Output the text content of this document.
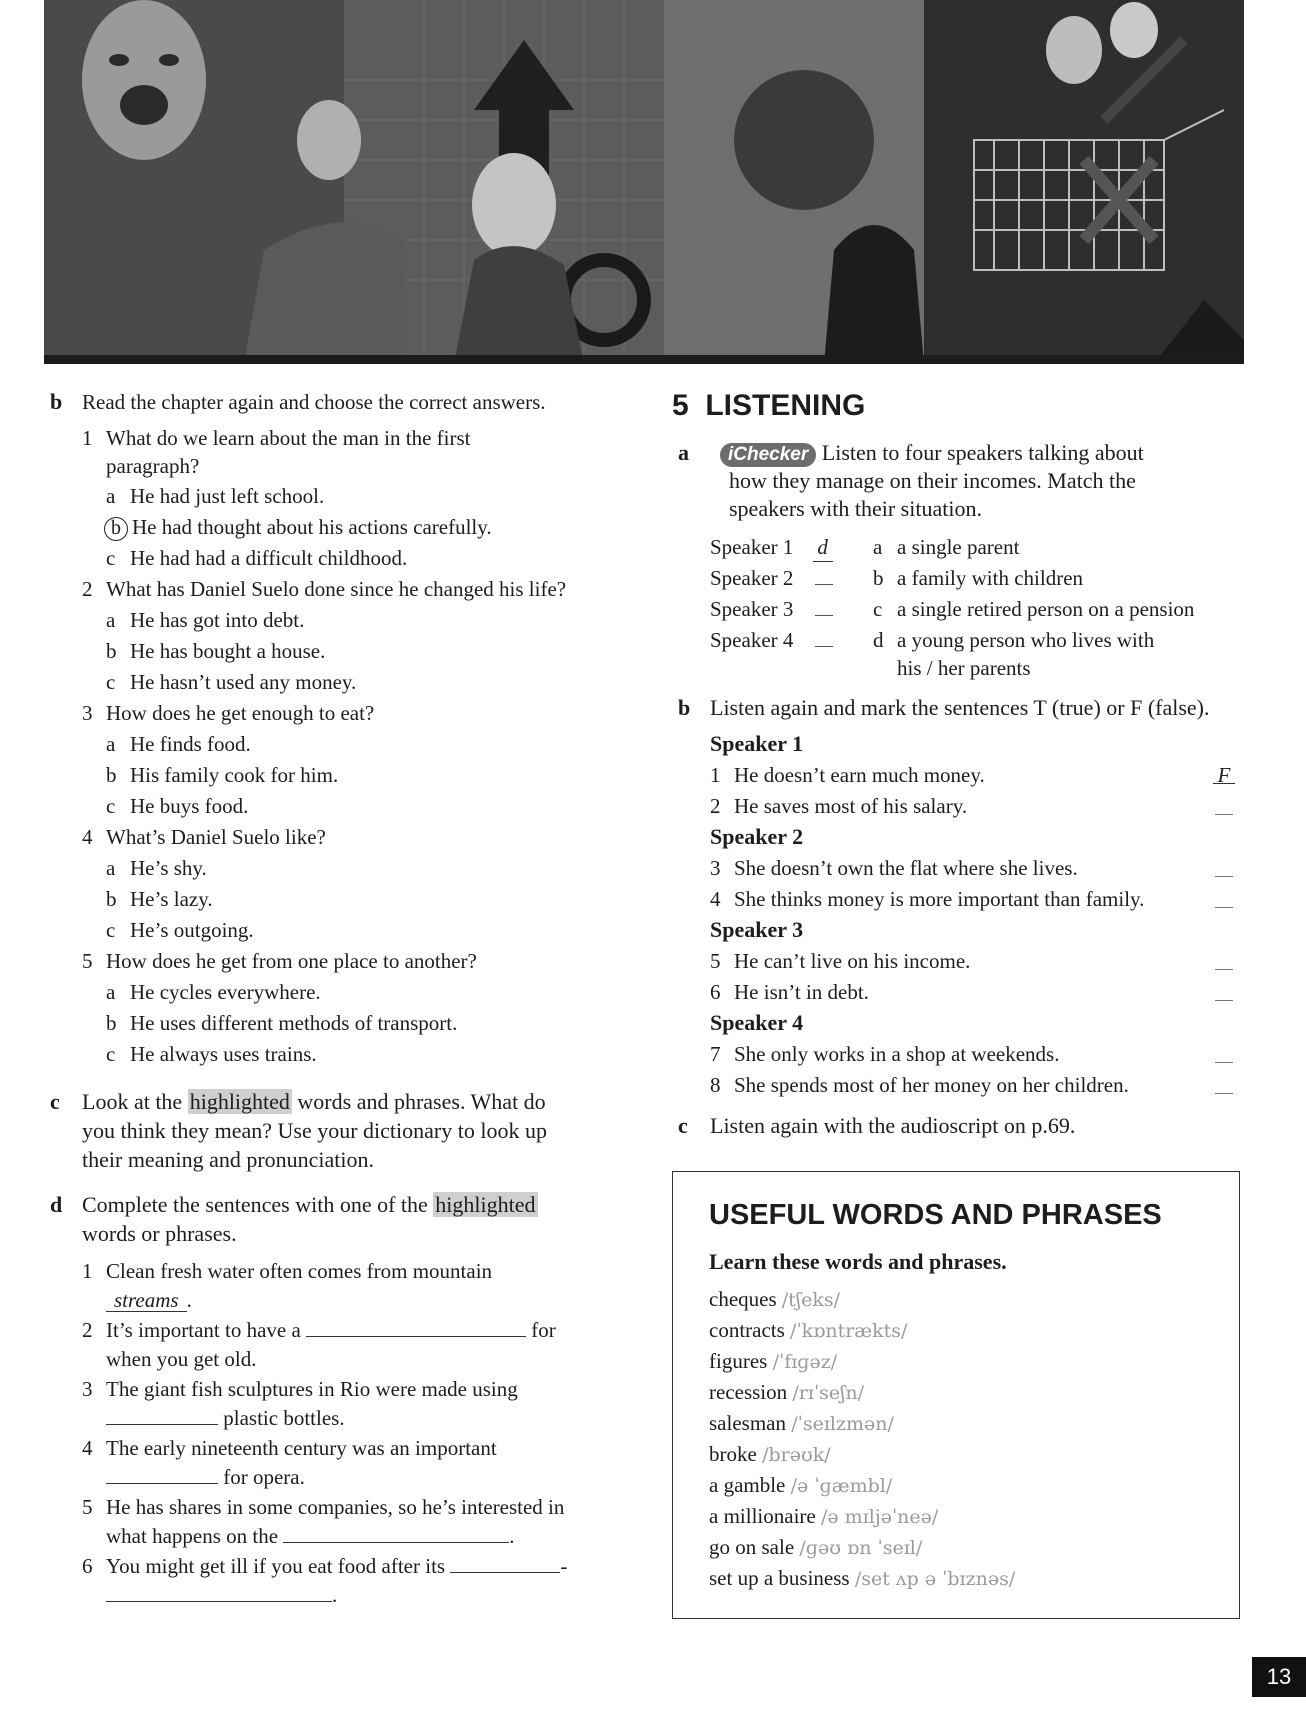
b Read the chapter again and choose the correct answers.
1 What do we learn about the man in the first
paragraph?
a He had just left school.
b He had thought about his actions carefully.
c He had had a difficult childhood.
2 What has Daniel Suelo done since he changed his life?
a He has got into debt.
b He has bought a house.
c He hasn’t used any money.
3 How does he get enough to eat?
a He finds food.
b His family cook for him.
c He buys food.
4 What’s Daniel Suelo like?
a He’s shy.
b He’s lazy.
c He’s outgoing.
5 How does he get from one place to another?
a He cycles everywhere.
b He uses different methods of transport.
c He always uses trains.
c Look at the highlighted words and phrases. What do
you think they mean? Use your dictionary to look up
their meaning and pronunciation.
d Complete the sentences with one of the highlighted
words or phrases.
1 Clean fresh water often comes from mountain
streams .
2 It’s important to have a	for
when you get old.
3 The giant fish sculptures in Rio were made using
plastic bottles.
4 The early nineteenth century was an important
for opera.
5 He has shares in some companies, so he’s interested in
what happens on the	.
6 You might get ill if you eat food after its	-
.
5 LISTENING
a	iChecker Listen to four speakers talking about
how they manage on their incomes. Match the
speakers with their situation.
Speaker 1 d
Speaker 2
Speaker 3
Speaker 4
a a single parent
b a family with children
c a single retired person on a pension
d a young person who lives with
his / her parents
b Listen again and mark the sentences T (true) or F (false).
Speaker 1
1 He doesn’t earn much money.	F
2 He saves most of his salary.
Speaker 2
3 She doesn’t own the flat where she lives.
4 She thinks money is more important than family.
Speaker 3
5 He can’t live on his income.
6 He isn’t in debt.
Speaker 4
7 She only works in a shop at weekends.
8 She spends most of her money on her children.
c Listen again with the audioscript on p.69.
USEFUL WORDS AND PHRASES
Learn these words and phrases.
cheques /tʃeks/
contracts /ˈkɒntrækts/
figures /ˈfɪɡəz/
recession /rɪˈseʃn/
salesman /ˈseɪlzmən/
broke /brəʊk/
a gamble /ə ˈɡæmbl/
a millionaire /ə mɪljəˈneə/
go on sale /ɡəʊ ɒn ˈseɪl/
set up a business /set ʌp ə ˈbɪznəs/
13
